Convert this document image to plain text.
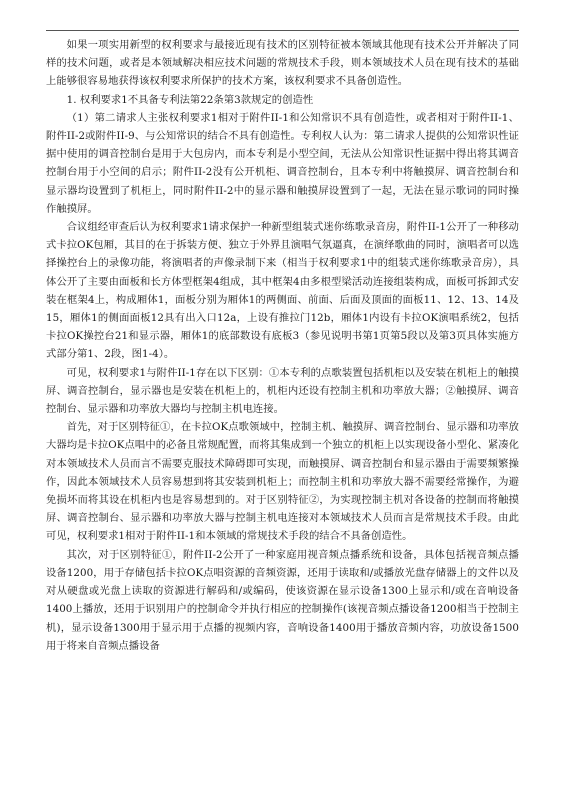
如果一项实用新型的权利要求与最接近现有技术的区别特征被本领域其他现有技术公开并解决了同样的技术问题，或者是本领域解决相应技术问题的常规技术手段，则本领域技术人员在现有技术的基础上能够很容易地获得该权利要求所保护的技术方案，该权利要求不具备创造性。

1. 权利要求1不具备专利法第22条第3款规定的创造性

（1）第二请求人主张权利要求1相对于附件II-1和公知常识不具有创造性，或者相对于附件II-1、附件II-2或附件II-9、与公知常识的结合不具有创造性。专利权人认为：第二请求人提供的公知常识性证据中使用的调音控制台是用于大包房内，而本专利是小型空间，无法从公知常识性证据中得出将其调音控制台用于小空间的启示；附件II-2没有公开机柜、调音控制台，且本专利中将触摸屏、调音控制台和显示器均设置到了机柜上，同时附件II-2中的显示器和触摸屏设置到了一起，无法在显示歌词的同时操作触摸屏。

合议组经审查后认为权利要求1请求保护一种新型组装式迷你练歌录音房，附件II-1公开了一种移动式卡拉OK包厢，其目的在于拆装方便、独立于外界且演唱气氛逼真，在演绎歌曲的同时，演唱者可以选择操控台上的录像功能，将演唱者的声像录制下来（相当于权利要求1中的组装式迷你练歌录音房），具体公开了主要由面板和长方体型框架4组成，其中框架4由多根型梁活动连接组装构成，面板可拆卸式安装在框架4上，构成厢体1，面板分别为厢体1的两侧面、前面、后面及顶面的面板11、12、13、14及15，厢体1的侧面面板12具有出入口12a，上设有推拉门12b，厢体1内设有卡拉OK演唱系统2，包括卡拉OK操控台21和显示器，厢体1的底部数设有底板3（参见说明书第1页第5段以及第3页具体实施方式部分第1、2段，图1-4）。

可见，权利要求1与附件II-1存在以下区别：①本专利的点歌装置包括机柜以及安装在机柜上的触摸屏、调音控制台，显示器也是安装在机柜上的，机柜内还设有控制主机和功率放大器；②触摸屏、调音控制台、显示器和功率放大器均与控制主机电连接。

首先，对于区别特征①，在卡拉OK点歌领域中，控制主机、触摸屏、调音控制台、显示器和功率放大器均是卡拉OK点唱中的必备且常规配置，而将其集成到一个独立的机柜上以实现设备小型化、紧凑化对本领域技术人员而言不需要克服技术障碍即可实现，而触摸屏、调音控制台和显示器由于需要频繁操作，因此本领域技术人员容易想到将其安装到机柜上；而控制主机和功率放大器不需要经常操作，为避免损坏而将其设在机柜内也是容易想到的。对于区别特征②，为实现控制主机对各设备的控制而将触摸屏、调音控制台、显示器和功率放大器与控制主机电连接对本领域技术人员而言是常规技术手段。由此可见，权利要求1相对于附件II-1和本领域的常规技术手段的结合不具备创造性。

其次，对于区别特征①，附件II-2公开了一种家庭用视音频点播系统和设备，具体包括视音频点播设备1200，用于存储包括卡拉OK点唱资源的音频资源，还用于读取和/或播放光盘存储器上的文件以及对从硬盘或光盘上读取的资源进行解码和/或编码，使该资源在显示设备1300上显示和/或在音响设备1400上播放，还用于识别用户的控制命令并执行相应的控制操作(该视音频点播设备1200相当于控制主机)，显示设备1300用于显示用于点播的视频内容，音响设备1400用于播放音频内容，功放设备1500用于将来自音频点播设备
